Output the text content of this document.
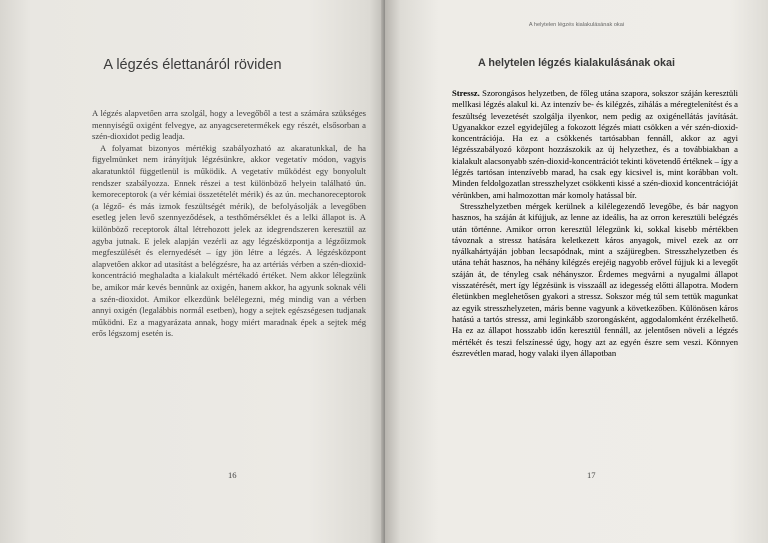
A légzés élettanáról röviden

A légzés alapvetően arra szolgál, hogy a levegőből a test a számára szükséges mennyiségű oxigént felvegye, az anyagcseretermékek egy részét, elsősorban a szén-dioxidot pedig leadja.

A folyamat bizonyos mértékig szabályozható az akaratunkkal, de ha figyelmünket nem irányítjuk légzésünkre, akkor vegetatív módon, vagyis akaratunktól függetlenül is működik. A vegetatív működést egy bonyolult rendszer szabályozza. Ennek részei a test különböző helyein található ún. kemoreceptorok (a vér kémiai összetételét mérik) és az ún. mechanoreceptorok (a légző- és más izmok feszültségét mérik), de befolyásolják a levegőben esetleg jelen levő szennyeződések, a testhőmérséklet és a lelki állapot is. A különböző receptorok által létrehozott jelek az idegrendszeren keresztül az agyba jutnak. E jelek alapján vezérli az agy légzésközpontja a légzőizmok megfeszülését és elernyedését – így jön létre a légzés. A légzésközpont alapvetően akkor ad utasítást a belégzésre, ha az artériás vérben a szén-dioxid-koncentráció meghaladta a kialakult mértékadó értéket. Nem akkor lélegzünk be, amikor már kevés bennünk az oxigén, hanem akkor, ha agyunk soknak véli a szén-dioxidot. Amikor elkezdünk belélegezni, még mindig van a vérben annyi oxigén (legalábbis normál esetben), hogy a sejtek egészségesen tudjanak működni. Ez a magyarázata annak, hogy miért maradnak épek a sejtek még erős légszomj esetén is.

16

A helytelen légzés kialakulásának okai

A helytelen légzés kialakulásának okai

Stressz. Szorongásos helyzetben, de főleg utána szapora, sokszor száján keresztüli mellkasi légzés alakul ki. Az intenzív be- és kilégzés, zihálás a méregtelenítést és a feszültség levezetését szolgálja ilyenkor, nem pedig az oxigénellátás javítását. Ugyanakkor ezzel egyidejűleg a fokozott légzés miatt csökken a vér szén-dioxid-koncentrációja. Ha ez a csökkenés tartósabban fennáll, akkor az agyi légzésszabályozó központ hozzászokik az új helyzethez, és a továbbiakban a kialakult alacsonyabb szén-dioxid-koncentrációt tekinti követendő értéknek – így a légzés tartósan intenzívebb marad, ha csak egy kicsivel is, mint korábban volt. Minden feldolgozatlan stresszhelyzet csökkenti kissé a szén-dioxid koncentrációját vérünkben, ami halmozottan már komoly hatással bír.

Stresszhelyzetben mérgek kerülnek a kilélegezendő levegőbe, és bár nagyon hasznos, ha száján át kifújjuk, az lenne az ideális, ha az orron keresztüli belégzés után történne. Amikor orron keresztül lélegzünk ki, sokkal kisebb mértékben távoznak a stressz hatására keletkezett káros anyagok, mivel ezek az orr nyálkahártyáján jobban lecsapódnak, mint a szájüregben. Stresszhelyzetben és utána tehát hasznos, ha néhány kilégzés erejéig nagyobb erővel fújjuk ki a levegőt száján át, de tényleg csak néhányszor. Érdemes megvárni a nyugalmi állapot visszatérését, mert így légzésünk is visszaáll az idegesség előtti állapotra. Modern életünkben meglehetősen gyakori a stressz. Sokszor még túl sem tettük magunkat az egyik stresszhelyzeten, máris benne vagyunk a következőben. Különösen káros hatású a tartós stressz, ami leginkább szorongásként, aggodalomként érzékelhető. Ha ez az állapot hosszabb időn keresztül fennáll, az jelentősen növeli a légzés mértékét és teszi felszínessé úgy, hogy azt az egyén észre sem veszi. Könnyen észrevétlen marad, hogy valaki ilyen állapotban

17
